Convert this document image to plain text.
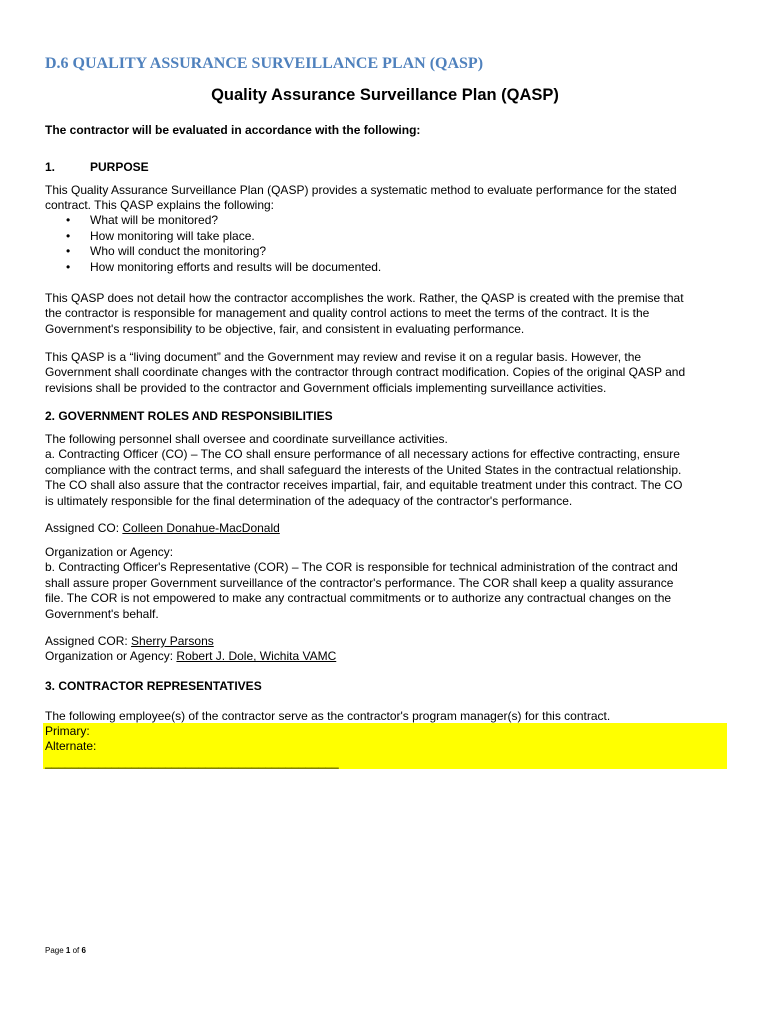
D.6 QUALITY ASSURANCE SURVEILLANCE PLAN (QASP)
Quality Assurance Surveillance Plan (QASP)

The contractor will be evaluated in accordance with the following:

1.	PURPOSE

This Quality Assurance Surveillance Plan (QASP) provides a systematic method to evaluate performance for the stated
contract. This QASP explains the following:

• What will be monitored?
• How monitoring will take place.
• Who will conduct the monitoring?
• How monitoring efforts and results will be documented.

This QASP does not detail how the contractor accomplishes the work. Rather, the QASP is created with the premise that
the contractor is responsible for management and quality control actions to meet the terms of the contract. It is the
Government's responsibility to be objective, fair, and consistent in evaluating performance.

This QASP is a “living document” and the Government may review and revise it on a regular basis. However, the
Government shall coordinate changes with the contractor through contract modification. Copies of the original QASP and
revisions shall be provided to the contractor and Government officials implementing surveillance activities.

2. GOVERNMENT ROLES AND RESPONSIBILITIES

The following personnel shall oversee and coordinate surveillance activities.
a. Contracting Officer (CO) – The CO shall ensure performance of all necessary actions for effective contracting, ensure
compliance with the contract terms, and shall safeguard the interests of the United States in the contractual relationship.
The CO shall also assure that the contractor receives impartial, fair, and equitable treatment under this contract. The CO
is ultimately responsible for the final determination of the adequacy of the contractor's performance.

Assigned CO: Colleen Donahue-MacDonald

Organization or Agency:
b. Contracting Officer's Representative (COR) – The COR is responsible for technical administration of the contract and
shall assure proper Government surveillance of the contractor's performance. The COR shall keep a quality assurance
file. The COR is not empowered to make any contractual commitments or to authorize any contractual changes on the
Government's behalf.

Assigned COR: Sherry Parsons
Organization or Agency: Robert J. Dole, Wichita VAMC

3. CONTRACTOR REPRESENTATIVES

The following employee(s) of the contractor serve as the contractor's program manager(s) for this contract.

Primary:
Alternate:
____________________________________________

Page 1 of 6
